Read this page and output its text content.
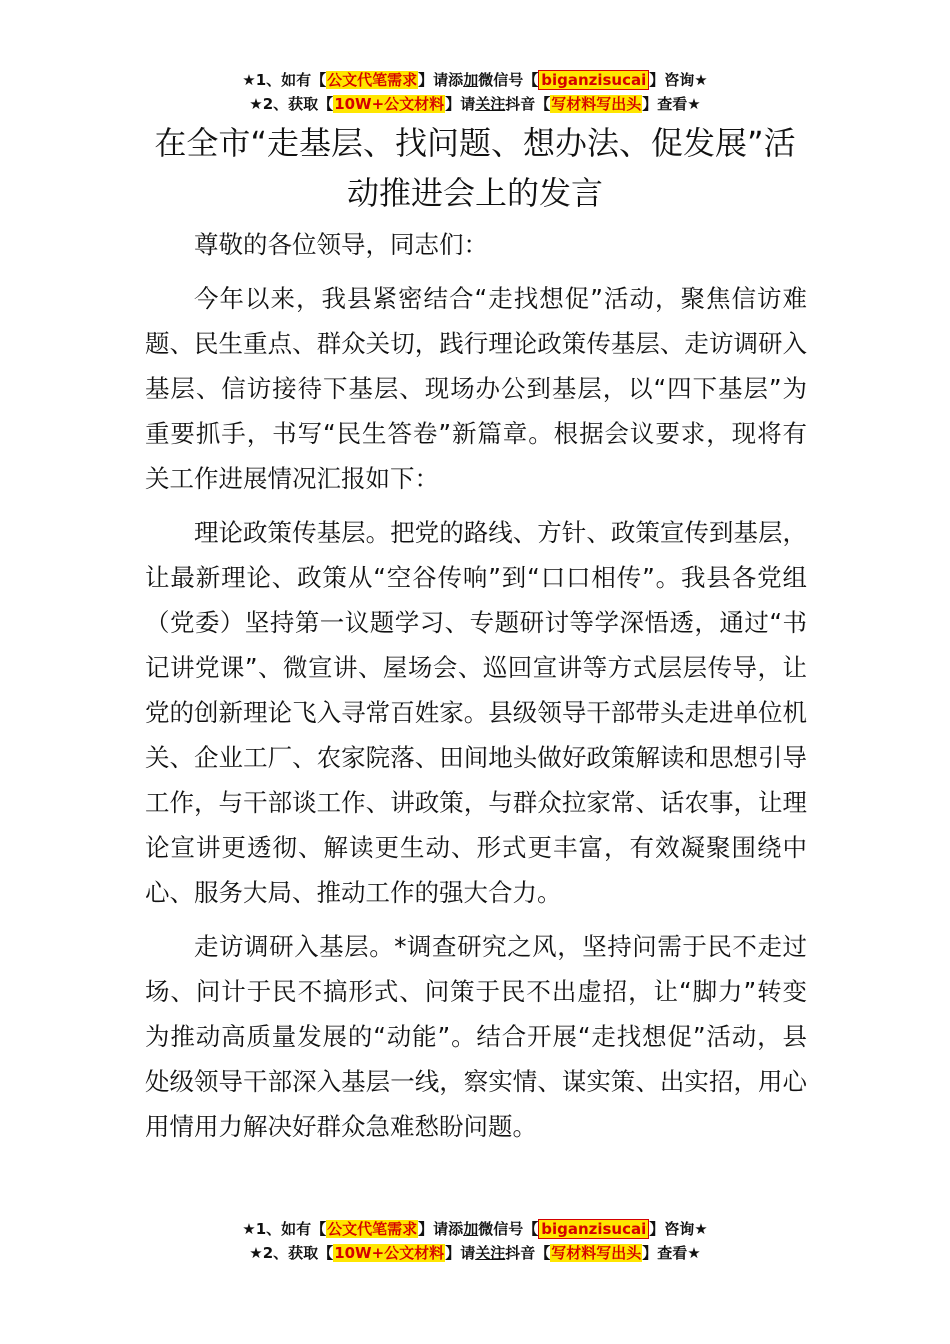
★1、如有【公文代笔需求】请添加微信号【 biganzisucai 】咨询★
★2、获取【10W+公文材料】请关注抖音【写材料写出头】查看★
在全市“走基层、找问题、想办法、促发展”活动推进会上的发言

尊敬的各位领导，同志们：

今年以来，我县紧密结合“走找想促”活动，聚焦信访难题、民生重点、群众关切，践行理论政策传基层、走访调研入基层、信访接待下基层、现场办公到基层，以“四下基层”为重要抓手，书写“民生答卷”新篇章。根据会议要求，现将有关工作进展情况汇报如下：

理论政策传基层。把党的路线、方针、政策宣传到基层，让最新理论、政策从“空谷传响”到“口口相传”。我县各党组（党委）坚持第一议题学习、专题研讨等学深悟透，通过“书记讲党课”、微宣讲、屋场会、巡回宣讲等方式层层传导，让党的创新理论飞入寻常百姓家。县级领导干部带头走进单位机关、企业工厂、农家院落、田间地头做好政策解读和思想引导工作，与干部谈工作、讲政策，与群众拉家常、话农事，让理论宣讲更透彻、解读更生动、形式更丰富，有效凝聚围绕中心、服务大局、推动工作的强大合力。

走访调研入基层。*调查研究之风，坚持问需于民不走过场、问计于民不搞形式、问策于民不出虚招，让“脚力”转变为推动高质量发展的“动能”。结合开展“走找想促”活动，县处级领导干部深入基层一线，察实情、谋实策、出实招，用心用情用力解决好群众急难愁盼问题。

★1、如有【公文代笔需求】请添加微信号【 biganzisucai 】咨询★
★2、获取【10W+公文材料】请关注抖音【写材料写出头】查看★
